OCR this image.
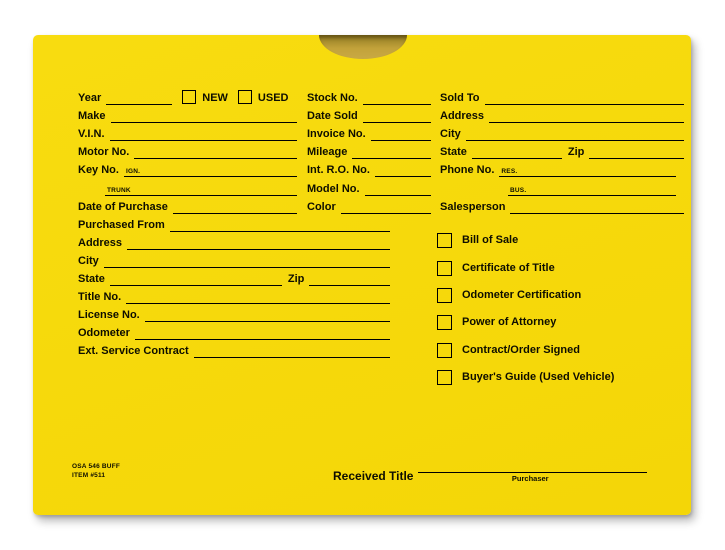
Year	NEW	USED
Make
V.I.N.
Motor No.
Key No. IGN.
TRUNK
Date of Purchase
Purchased From
Address
City
State	Zip
Title No.
License No.
Odometer
Ext. Service Contract
Stock No.
Date Sold
Invoice No.
Mileage
Int. R.O. No.
Model No.
Color
Sold To
Address
City
State	Zip
Phone No. RES.
BUS.
Salesperson
Bill of Sale
Certificate of Title
Odometer Certification
Power of Attorney
Contract/Order Signed
Buyer's Guide (Used Vehicle)
OSA 546 BUFF
ITEM #511	Received Title	Purchaser
